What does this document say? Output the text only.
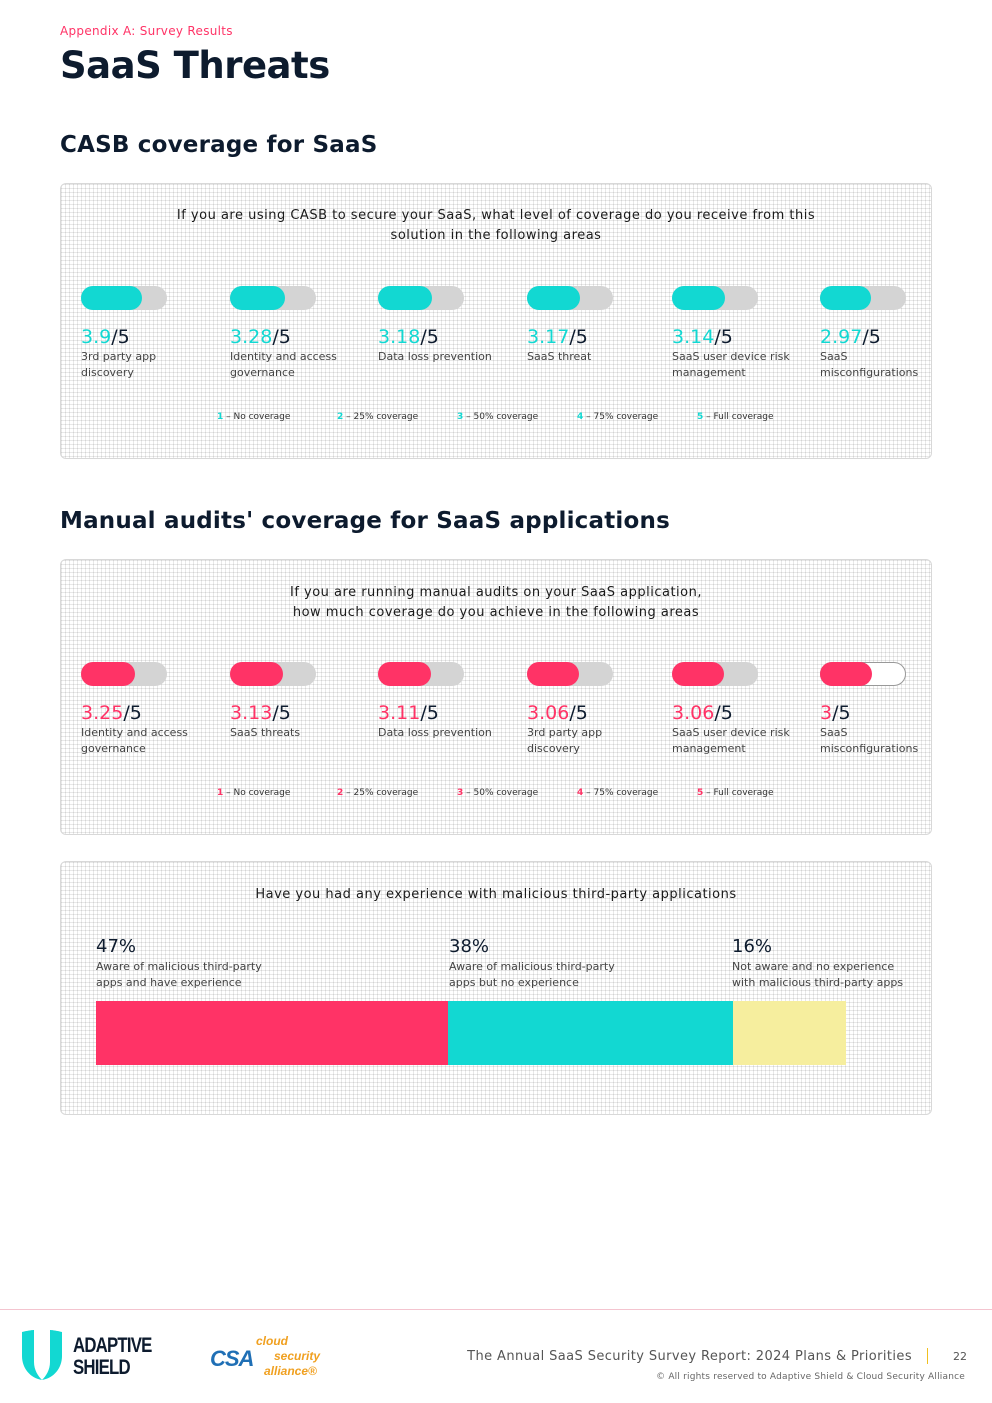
Appendix A: Survey Results
SaaS Threats
CASB coverage for SaaS
If you are using CASB to secure your SaaS, what level of coverage do you receive from this
solution in the following areas
3.9/5
3rd party app discovery
3.28/5
Identity and access governance
3.18/5
Data loss prevention
3.17/5
SaaS threat
3.14/5
SaaS user device risk management
2.97/5
SaaS misconfigurations
1 – No coverage	2 – 25% coverage	3 – 50% coverage	4 – 75% coverage	5 – Full coverage
Manual audits' coverage for SaaS applications
If you are running manual audits on your SaaS application,
how much coverage do you achieve in the following areas
3.25/5
Identity and access governance
3.13/5
SaaS threats
3.11/5
Data loss prevention
3.06/5
3rd party app discovery
3.06/5
SaaS user device risk management
3/5
SaaS misconfigurations
1 – No coverage	2 – 25% coverage	3 – 50% coverage	4 – 75% coverage	5 – Full coverage
Have you had any experience with malicious third-party applications
47%
Aware of malicious third-party
apps and have experience
38%
Aware of malicious third-party
apps but no experience
16%
Not aware and no experience
with malicious third-party apps
ADAPTIVE
SHIELD	CSA
cloud
security
alliance®
The Annual SaaS Security Survey Report: 2024 Plans & Priorities	22
© All rights reserved to Adaptive Shield & Cloud Security Alliance
